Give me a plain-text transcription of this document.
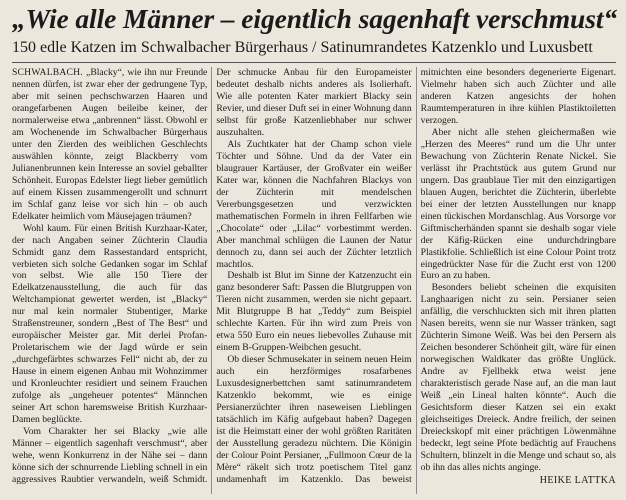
„Wie alle Männer – eigentlich sagenhaft verschmust“
150 edle Katzen im Schwalbacher Bürgerhaus / Satinumrandetes Katzenklo und Luxusbett

SCHWALBACH. „Blacky“, wie ihn nur Freunde nennen dürfen, ist zwar eher der gedrungene Typ, aber mit seinen pechschwarzen Haaren und orangefarbenen Augen beileibe keiner, der normalerweise etwa „anbrennen“ lässt. Obwohl er am Wochenende im Schwalbacher Bürgerhaus unter den Zierden des weiblichen Geschlechts auswählen könnte, zeigt Blackberry vom Julianenbrunnen kein Interesse an soviel geballter Schönheit. Europas Edelster liegt lieber gemütlich auf einem Kissen zusammengerollt und schnurrt im Schlaf ganz leise vor sich hin – ob auch Edelkater heimlich vom Mäusejagen träumen?

Wohl kaum. Für einen British Kurzhaar-Kater, der nach Angaben seiner Züchterin Claudia Schmidt ganz dem Rassestandard entspricht, verbieten sich solche Gedanken sogar im Schlaf von selbst. Wie alle 150 Tiere der Edelkatzenausstellung, die auch für das Weltchampionat gewertet werden, ist „Blacky“ nur mal kein normaler Stubentiger, Marke Straßenstreuner, sondern „Best of The Best“ und europäischer Meister gar. Mit derlei Profan-Proletarischem wie der Jagd würde er sein „durchgefärbtes schwarzes Fell“ nicht ab, der zu Hause in einem eigenen Anbau mit Wohnzimmer und Kronleuchter residiert und seinem Frauchen zufolge als „ungeheuer potentes“ Männchen seiner Art schon haremsweise British Kurzhaar-Damen beglückte.

Vom Charakter her sei Blacky „wie alle Männer – eigentlich sagenhaft verschmust“, aber wehe, wenn Konkurrenz in der Nähe sei – dann könne sich der schnurrende Liebling schnell in ein aggressives Raubtier verwandeln, weiß Schmidt. Der schmucke Anbau für den Europameister bedeutet deshalb nichts anderes als Isolierhaft. Wie alle potenten Kater markiert Blacky sein Revier, und dieser Duft sei in einer Wohnung dann selbst für große Katzenliebhaber nur schwer auszuhalten.

Als Zuchtkater hat der Champ schon viele Töchter und Söhne. Und da der Vater ein blaugrauer Kartäuser, der Großvater ein weißer Kater war, können die Nachfahren Blackys von der Züchterin mit mendelschen Vererbungsgesetzen und verzwickten mathematischen Formeln in ihren Fellfarben wie „Chocolate“ oder „Lilac“ vorbestimmt werden. Aber manchmal schlügen die Launen der Natur dennoch zu, dann sei auch der Züchter letztlich machtlos.

Deshalb ist Blut im Sinne der Katzenzucht ein ganz besonderer Saft: Passen die Blutgruppen von Tieren nicht zusammen, werden sie nicht gepaart. Mit Blutgruppe B hat „Teddy“ zum Beispiel schlechte Karten. Für ihn wird zum Preis von etwa 550 Euro ein neues liebevolles Zuhause mit einem B-Gruppen-Weibchen gesucht.

Ob dieser Schmusekater in seinem neuen Heim auch ein herzförmiges rosafarbenes Luxusdesignerbettchen samt satinumrandetem Katzenklo bekommt, wie es einige Persianerzüchter ihren naseweisen Lieblingen tatsächlich im Käfig aufgebaut haben? Dagegen ist die Heimstatt einer der wohl größten Raritäten der Ausstellung geradezu nüchtern. Die Königin der Colour Point Persianer, „Fullmoon Cœur de la Mère“ räkelt sich trotz poetischem Titel ganz undamenhaft im Katzenklo. Das beweist mitnichten eine besonders degenerierte Eigenart. Vielmehr haben sich auch Züchter und alle anderen Katzen angesichts der hohen Raumtemperaturen in ihre kühlen Plastiktoiletten verzogen.

Aber nicht alle stehen gleichermaßen wie „Herzen des Meeres“ rund um die Uhr unter Bewachung von Züchterin Renate Nickel. Sie verlässt ihr Prachtstück aus gutem Grund nur ungern. Das graublaue Tier mit den einzigartigen blauen Augen, berichtet die Züchterin, überlebte bei einer der letzten Ausstellungen nur knapp einen tückischen Mordanschlag. Aus Vorsorge vor Giftmischerhänden spannt sie deshalb sogar viele der Käfig-Rücken eine undurchdringbare Plastikfolie. Schließlich ist eine Colour Point trotz eingedrückter Nase für die Zucht erst von 1200 Euro an zu haben.

Besonders beliebt scheinen die exquisiten Langhaarigen nicht zu sein. Persianer seien anfällig, die verschluckten sich mit ihren platten Nasen bereits, wenn sie nur Wasser tränken, sagt Züchterin Simone Weiß. Was bei den Persern als Zeichen besonderer Schönheit gilt, wäre für einen norwegischen Waldkater das größte Unglück. Andre av Fjellbekk etwa weist jene charakteristisch gerade Nase auf, an die man laut Weiß „ein Lineal halten könnte“. Auch die Gesichtsform dieser Katzen sei ein exakt gleichseitiges Dreieck. Andre freilich, der seinen Dreieckskopf mit einer prächtigen Löwenmähne bedeckt, legt seine Pfote bedächtig auf Frauchens Schultern, blinzelt in die Menge und schaut so, als ob ihn das alles nichts anginge.

HEIKE LATTKA
